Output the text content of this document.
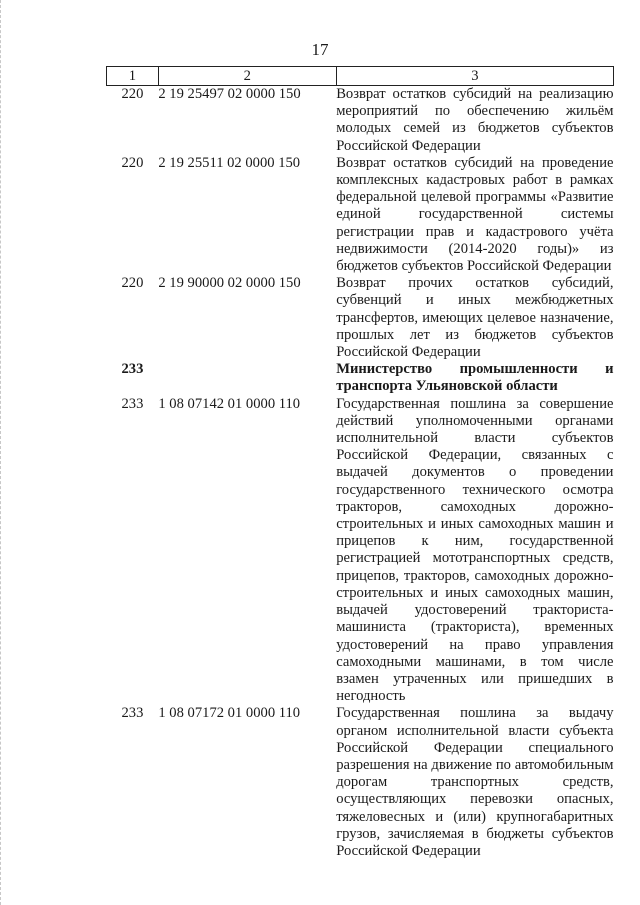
17
1	2	3
220	2 19 25497 02 0000 150	Возврат остатков субсидий на реализацию мероприятий по обеспечению жильём молодых семей из бюджетов субъектов Российской Федерации
220	2 19 25511 02 0000 150	Возврат остатков субсидий на проведение комплексных кадастровых работ в рамках федеральной целевой программы «Развитие единой государственной системы регистрации прав и кадастрового учёта недвижимости (2014-2020 годы)» из бюджетов субъектов Российской Федерации
220	2 19 90000 02 0000 150	Возврат прочих остатков субсидий, субвенций и иных межбюджетных трансфертов, имеющих целевое назначение, прошлых лет из бюджетов субъектов Российской Федерации
233		Министерство промышленности и транспорта Ульяновской области
233	1 08 07142 01 0000 110	Государственная пошлина за совершение действий уполномоченными органами исполнительной власти субъектов Российской Федерации, связанных с выдачей документов о проведении государственного технического осмотра тракторов, самоходных дорожно-строительных и иных самоходных машин и прицепов к ним, государственной регистрацией мототранспортных средств, прицепов, тракторов, самоходных дорожно-строительных и иных самоходных машин, выдачей удостоверений тракториста-машиниста (тракториста), временных удостоверений на право управления самоходными машинами, в том числе взамен утраченных или пришедших в негодность
233	1 08 07172 01 0000 110	Государственная пошлина за выдачу органом исполнительной власти субъекта Российской Федерации специального разрешения на движение по автомобильным дорогам транспортных средств, осуществляющих перевозки опасных, тяжеловесных и (или) крупногабаритных грузов, зачисляемая в бюджеты субъектов Российской Федерации
